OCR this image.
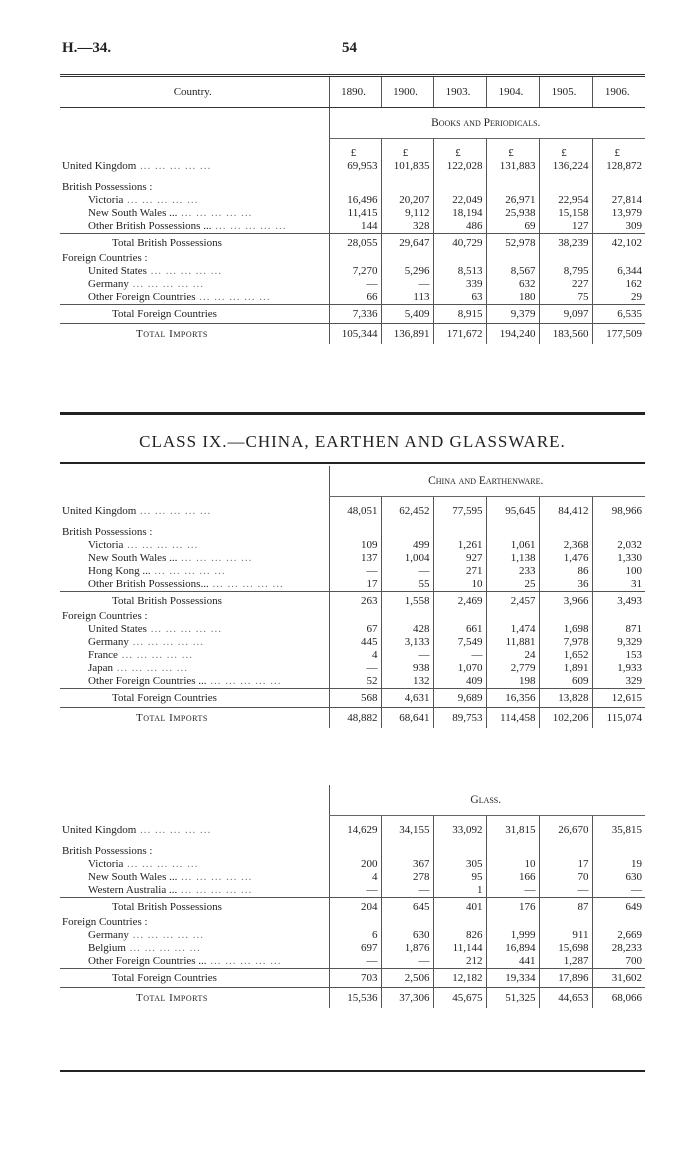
H.—34.	54
Country.	1890.	1900.	1903.	1904.	1905.	1906.
	Books and Periodicals.					

	£	£	£	£	£	£
United Kingdom ... ... ... ... ...	69,953	101,835	122,028	131,883	136,224	128,872

British Possessions :						
Victoria ... ... ... ... ...	16,496	20,207	22,049	26,971	22,954	27,814
New South Wales ... ... ... ... ... ...	11,415	9,112	18,194	25,938	15,158	13,979
Other British Possessions ... ... ... ... ... ...	144	328	486	69	127	309
Total British Possessions	28,055	29,647	40,729	52,978	38,239	42,102
Foreign Countries :						
United States ... ... ... ... ...	7,270	5,296	8,513	8,567	8,795	6,344
Germany ... ... ... ... ...	—	—	339	632	227	162
Other Foreign Countries ... ... ... ... ...	66	113	63	180	75	29
Total Foreign Countries	7,336	5,409	8,915	9,379	9,097	6,535
Total Imports	105,344	136,891	171,672	194,240	183,560	177,509
CLASS IX.—CHINA, EARTHEN AND GLASSWARE.
	China and Earthenware.					

United Kingdom ... ... ... ... ...	48,051	62,452	77,595	95,645	84,412	98,966

British Possessions :						
Victoria ... ... ... ... ...	109	499	1,261	1,061	2,368	2,032
New South Wales ... ... ... ... ... ...	137	1,004	927	1,138	1,476	1,330
Hong Kong ... ... ... ... ... ...	—	—	271	233	86	100
Other British Possessions... ... ... ... ... ...	17	55	10	25	36	31
Total British Possessions	263	1,558	2,469	2,457	3,966	3,493
Foreign Countries :						
United States ... ... ... ... ...	67	428	661	1,474	1,698	871
Germany ... ... ... ... ...	445	3,133	7,549	11,881	7,978	9,329
France ... ... ... ... ...	4	—	—	24	1,652	153
Japan ... ... ... ... ...	—	938	1,070	2,779	1,891	1,933
Other Foreign Countries ... ... ... ... ... ...	52	132	409	198	609	329
Total Foreign Countries	568	4,631	9,689	16,356	13,828	12,615
Total Imports	48,882	68,641	89,753	114,458	102,206	115,074
	Glass.					

United Kingdom ... ... ... ... ...	14,629	34,155	33,092	31,815	26,670	35,815

British Possessions :						
Victoria ... ... ... ... ...	200	367	305	10	17	19
New South Wales ... ... ... ... ... ...	4	278	95	166	70	630
Western Australia ... ... ... ... ... ...	—	—	1	—	—	—
Total British Possessions	204	645	401	176	87	649
Foreign Countries :						
Germany ... ... ... ... ...	6	630	826	1,999	911	2,669
Belgium ... ... ... ... ...	697	1,876	11,144	16,894	15,698	28,233
Other Foreign Countries ... ... ... ... ... ...	—	—	212	441	1,287	700
Total Foreign Countries	703	2,506	12,182	19,334	17,896	31,602
Total Imports	15,536	37,306	45,675	51,325	44,653	68,066
